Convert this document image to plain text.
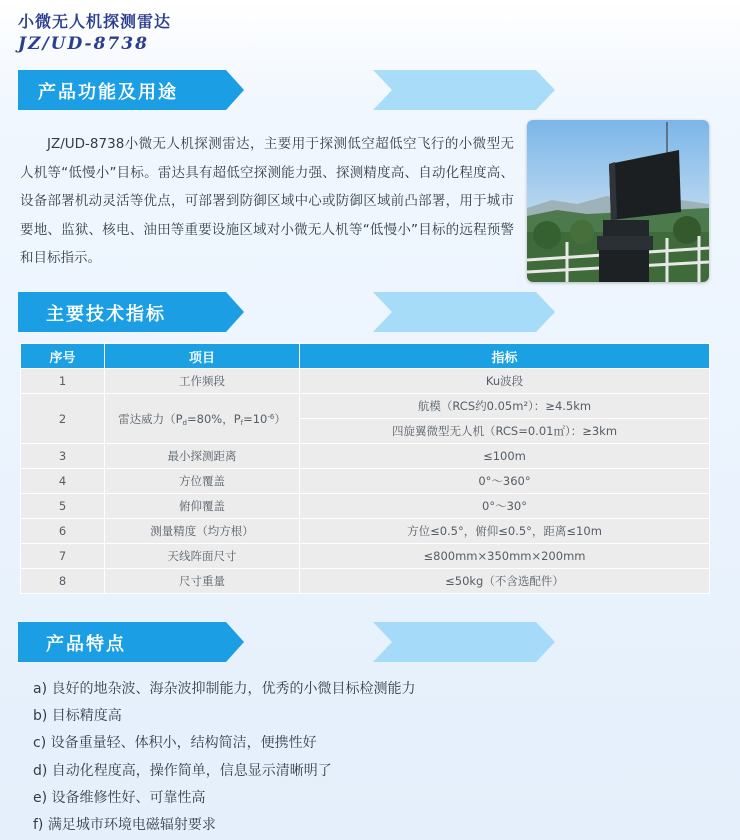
小微无人机探测雷达
JZ/UD-8738
产品功能及用途

JZ/UD-8738小微无人机探测雷达，主要用于探测低空超低空飞行的小微型无人机等“低慢小”目标。雷达具有超低空探测能力强、探测精度高、自动化程度高、设备部署机动灵活等优点，可部署到防御区域中心或防御区域前凸部署，用于城市要地、监狱、核电、油田等重要设施区域对小微无人机等“低慢小”目标的远程预警和目标指示。

主要技术指标
序号	项目	指标
1	工作频段	Ku波段
2	雷达威力（$P_d=80\%$，$P_f=10^{-6}$）	航模（RCS约0.05m²）：≥4.5km
		四旋翼微型无人机（RCS=0.01㎡）：≥3km
3	最小探测距离	≤100m
4	方位覆盖	0°～360°
5	俯仰覆盖	0°～30°
6	测量精度（均方根）	方位≤0.5°，俯仰≤0.5°，距离≤10m
7	天线阵面尺寸	≤800mm×350mm×200mm
8	尺寸重量	≤50kg（不含选配件）
产品特点
a) 良好的地杂波、海杂波抑制能力，优秀的小微目标检测能力
b) 目标精度高
c) 设备重量轻、体积小，结构简洁，便携性好
d) 自动化程度高，操作简单，信息显示清晰明了
e) 设备维修性好、可靠性高
f) 满足城市环境电磁辐射要求
